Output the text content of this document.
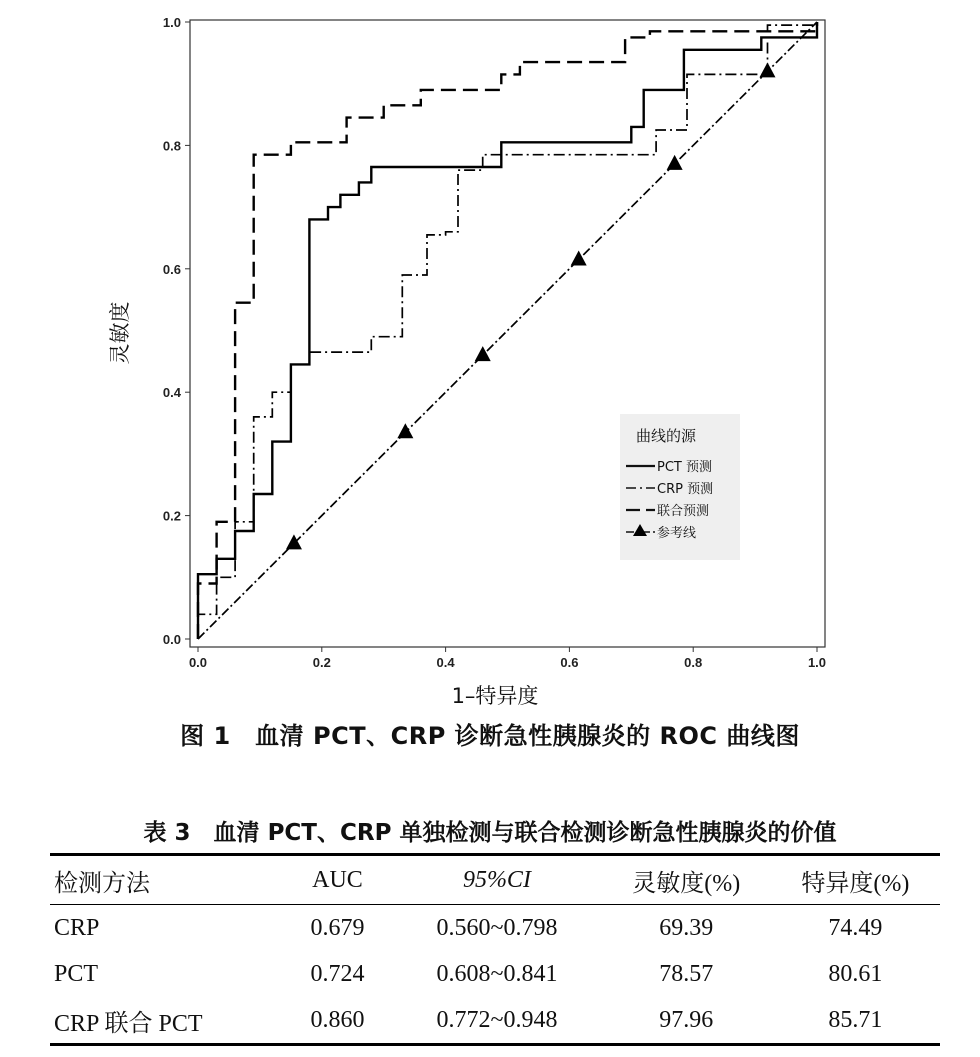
0.0	0.2	0.4	0.6	0.8	1.0
0.0
0.2
0.4
0.6
0.8
1.0
1–特异度
灵敏度
曲线的源
PCT 预测
CRP 预测
联合预测
参考线
图 1　血清 PCT、CRP 诊断急性胰腺炎的 ROC 曲线图
表 3　血清 PCT、CRP 单独检测与联合检测诊断急性胰腺炎的价值
检测方法	AUC	95%CI	灵敏度(%)	特异度(%)
CRP	0.679	0.560~0.798	69.39	74.49
PCT	0.724	0.608~0.841	78.57	80.61
CRP 联合 PCT	0.860	0.772~0.948	97.96	85.71
